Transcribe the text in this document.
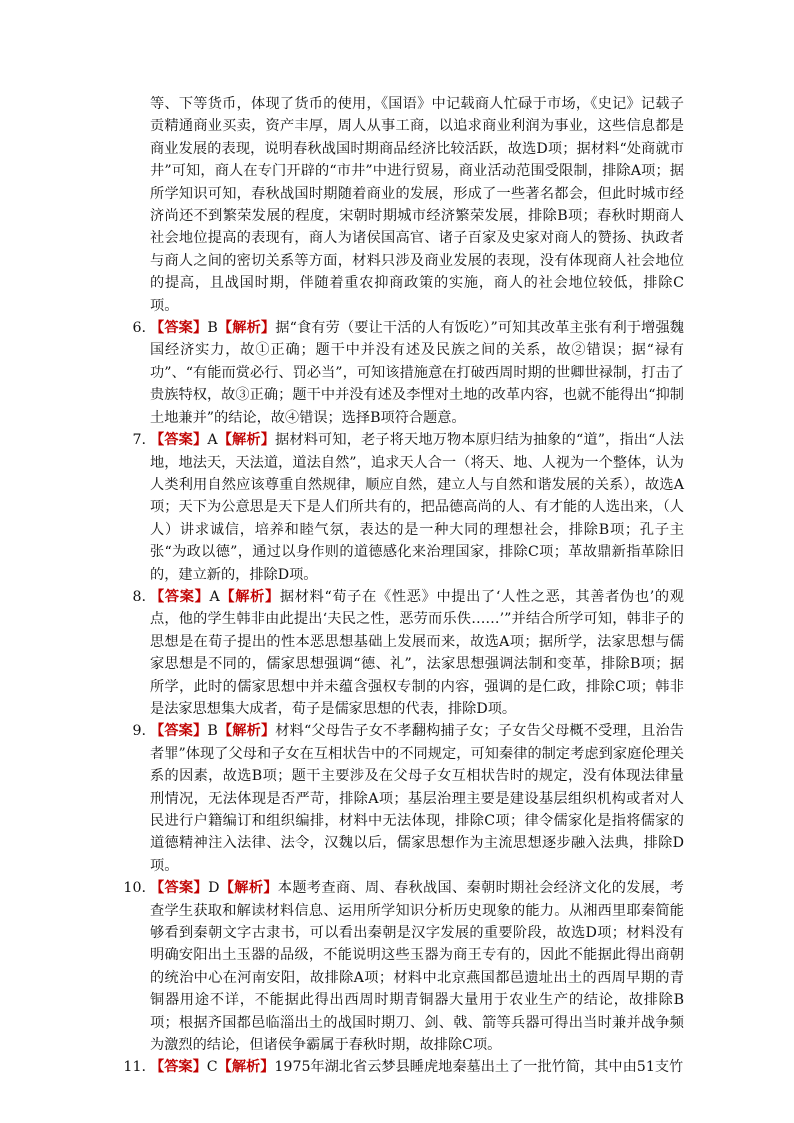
等、下等货币，体现了货币的使用，《国语》中记载商人忙碌于市场，《史记》记载子贡精通商业买卖，资产丰厚，周人从事工商，以追求商业利润为事业，这些信息都是商业发展的表现，说明春秋战国时期商品经济比较活跃，故选D项；据材料“处商就市井”可知，商人在专门开辟的“市井”中进行贸易，商业活动范围受限制，排除A项；据所学知识可知，春秋战国时期随着商业的发展，形成了一些著名都会，但此时城市经济尚还不到繁荣发展的程度，宋朝时期城市经济繁荣发展，排除B项；春秋时期商人社会地位提高的表现有，商人为诸侯国高官、诸子百家及史家对商人的赞扬、执政者与商人之间的密切关系等方面，材料只涉及商业发展的表现，没有体现商人社会地位的提高，且战国时期，伴随着重农抑商政策的实施，商人的社会地位较低，排除C项。
6. 【答案】B【解析】据“食有劳（要让干活的人有饭吃）”可知其改革主张有利于增强魏国经济实力，故①正确；题干中并没有述及民族之间的关系，故②错误；据“禄有功”、“有能而赏必行、罚必当”，可知该措施意在打破西周时期的世卿世禄制，打击了贵族特权，故③正确；题干中并没有述及李悝对土地的改革内容，也就不能得出“抑制土地兼并”的结论，故④错误；选择B项符合题意。
7. 【答案】A【解析】据材料可知，老子将天地万物本原归结为抽象的“道”，指出“人法地，地法天，天法道，道法自然”，追求天人合一（将天、地、人视为一个整体，认为人类利用自然应该尊重自然规律，顺应自然，建立人与自然和谐发展的关系），故选A项；天下为公意思是天下是人们所共有的，把品德高尚的人、有才能的人选出来，（人人）讲求诚信，培养和睦气氛，表达的是一种大同的理想社会，排除B项；孔子主张“为政以德”，通过以身作则的道德感化来治理国家，排除C项；革故鼎新指革除旧的，建立新的，排除D项。
8. 【答案】A【解析】据材料“荀子在《性恶》中提出了‘人性之恶，其善者伪也’的观点，他的学生韩非由此提出‘夫民之性，恶劳而乐佚……’”并结合所学可知，韩非子的思想是在荀子提出的性本恶思想基础上发展而来，故选A项；据所学，法家思想与儒家思想是不同的，儒家思想强调“德、礼”，法家思想强调法制和变革，排除B项；据所学，此时的儒家思想中并未蕴含强权专制的内容，强调的是仁政，排除C项；韩非是法家思想集大成者，荀子是儒家思想的代表，排除D项。
9. 【答案】B【解析】材料“父母告子女不孝翻构捕子女；子女告父母概不受理，且治告者罪”体现了父母和子女在互相状告中的不同规定，可知秦律的制定考虑到家庭伦理关系的因素，故选B项；题干主要涉及在父母子女互相状告时的规定，没有体现法律量刑情况，无法体现是否严苛，排除A项；基层治理主要是建设基层组织机构或者对人民进行户籍编订和组织编排，材料中无法体现，排除C项；律令儒家化是指将儒家的道德精神注入法律、法令，汉魏以后，儒家思想作为主流思想逐步融入法典，排除D项。
10. 【答案】D【解析】本题考查商、周、春秋战国、秦朝时期社会经济文化的发展，考查学生获取和解读材料信息、运用所学知识分析历史现象的能力。从湘西里耶秦简能够看到秦朝文字古隶书，可以看出秦朝是汉字发展的重要阶段，故选D项；材料没有明确安阳出土玉器的品级，不能说明这些玉器为商王专有的，因此不能据此得出商朝的统治中心在河南安阳，故排除A项；材料中北京燕国都邑遗址出土的西周早期的青铜器用途不详，不能据此得出西周时期青铜器大量用于农业生产的结论，故排除B项；根据齐国都邑临淄出土的战国时期刀、剑、戟、箭等兵器可得出当时兼并战争频为激烈的结论，但诸侯争霸属于春秋时期，故排除C项。
11. 【答案】C【解析】1975年湖北省云梦县睡虎地秦墓出土了一批竹简，其中由51支竹
